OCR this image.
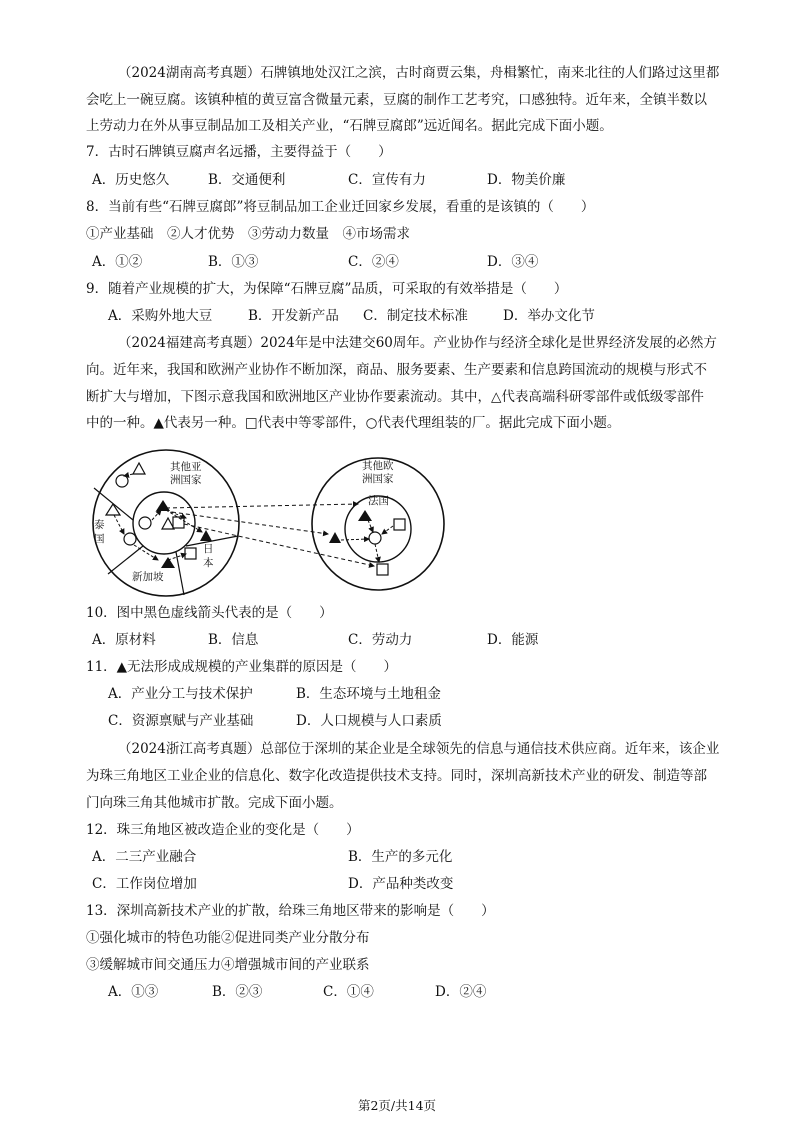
（2024湖南高考真题）石牌镇地处汉江之滨，古时商贾云集，舟楫繁忙，南来北往的人们路过这里都
会吃上一碗豆腐。该镇种植的黄豆富含微量元素，豆腐的制作工艺考究，口感独特。近年来，全镇半数以
上劳动力在外从事豆制品加工及相关产业，“石牌豆腐郎”远近闻名。据此完成下面小题。
7．古时石牌镇豆腐声名远播，主要得益于（　　）
A．历史悠久	B．交通便利	C．宣传有力	D．物美价廉
8．当前有些“石牌豆腐郎”将豆制品加工企业迁回家乡发展，看重的是该镇的（　　）
①产业基础　②人才优势　③劳动力数量　④市场需求
A．①②	B．①③	C．②④	D．③④
9．随着产业规模的扩大，为保障“石牌豆腐”品质，可采取的有效举措是（　　）
A．采购外地大豆	B．开发新产品 C．制定技术标准	D．举办文化节
（2024福建高考真题）2024年是中法建交60周年。产业协作与经济全球化是世界经济发展的必然方
向。近年来，我国和欧洲产业协作不断加深，商品、服务要素、生产要素和信息跨国流动的规模与形式不
断扩大与增加，下图示意我国和欧洲地区产业协作要素流动。其中，△代表高端科研零部件或低级零部件
中的一种。▲代表另一种。□代表中等零部件，○代表代理组装的厂。据此完成下面小题。
其他亚洲国家
泰
国
新加坡
日
本
其他欧
洲国家
法国
10．图中黑色虚线箭头代表的是（　　）
A．原材料	B．信息	C．劳动力	D．能源
11．▲无法形成成规模的产业集群的原因是（　　）
A．产业分工与技术保护	B．生态环境与土地租金
C．资源禀赋与产业基础	D．人口规模与人口素质
（2024浙江高考真题）总部位于深圳的某企业是全球领先的信息与通信技术供应商。近年来，该企业
为珠三角地区工业企业的信息化、数字化改造提供技术支持。同时，深圳高新技术产业的研发、制造等部
门向珠三角其他城市扩散。完成下面小题。
12．珠三角地区被改造企业的变化是（　　）
A．二三产业融合	B．生产的多元化
C．工作岗位增加	D．产品种类改变
13．深圳高新技术产业的扩散，给珠三角地区带来的影响是（　　）
①强化城市的特色功能②促进同类产业分散分布
③缓解城市间交通压力④增强城市间的产业联系
A．①③	B．②③	C．①④	D．②④
第2页/共14页
